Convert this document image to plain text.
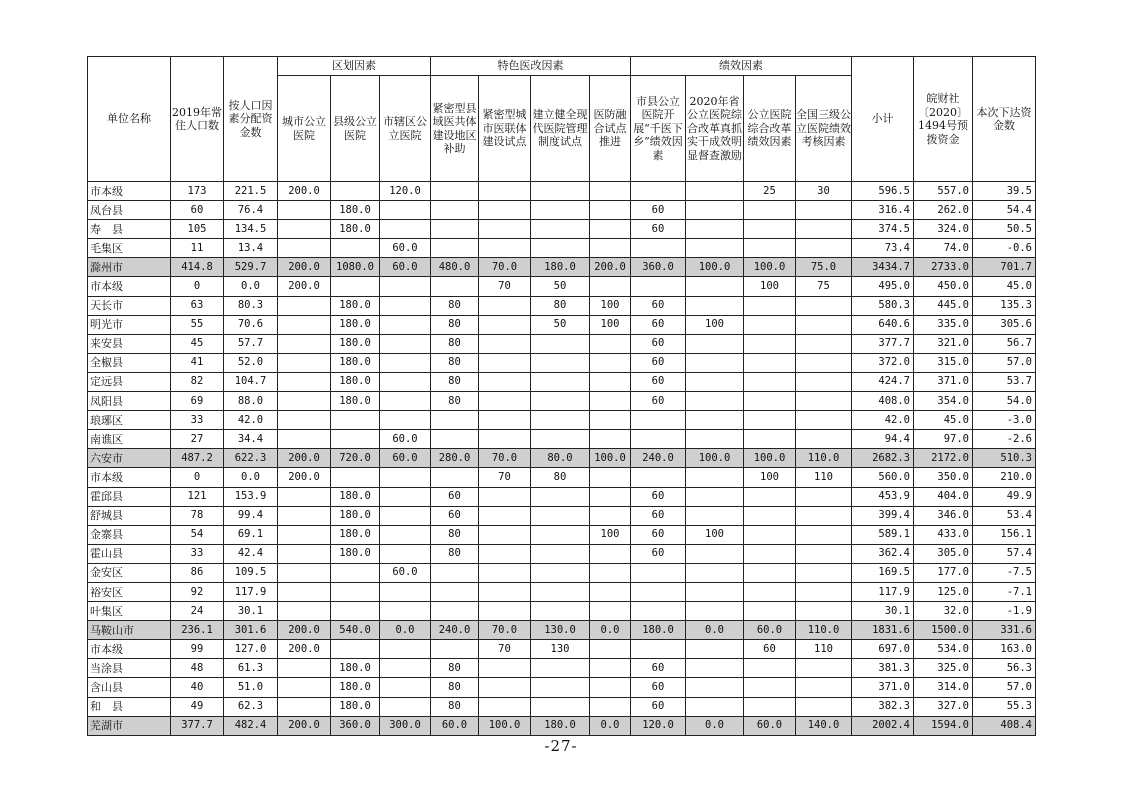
单位名称	2019年常住人口数	按人口因素分配资金数	区划因素			特色医改因素				绩效因素				小计	皖财社〔2020〕1494号预拨资金	本次下达资金数
			城市公立医院	县级公立医院	市辖区公立医院	紧密型县域医共体建设地区补助	紧密型城市医联体建设试点	建立健全现代医院管理制度试点	医防融合试点推进	市县公立医院开展“千医下乡”绩效因素	2020年省公立医院综合改革真抓实干成效明显督查激励	公立医院综合改革绩效因素	全国三级公立医院绩效考核因素			
市本级	173	221.5	200.0		120.0							25	30	596.5	557.0	39.5
凤台县	60	76.4		180.0						60				316.4	262.0	54.4
寿　县	105	134.5		180.0						60				374.5	324.0	50.5
毛集区	11	13.4			60.0									73.4	74.0	-0.6
滁州市	414.8	529.7	200.0	1080.0	60.0	480.0	70.0	180.0	200.0	360.0	100.0	100.0	75.0	3434.7	2733.0	701.7
市本级	0	0.0	200.0				70	50				100	75	495.0	450.0	45.0
天长市	63	80.3		180.0		80		80	100	60				580.3	445.0	135.3
明光市	55	70.6		180.0		80		50	100	60	100			640.6	335.0	305.6
来安县	45	57.7		180.0		80				60				377.7	321.0	56.7
全椒县	41	52.0		180.0		80				60				372.0	315.0	57.0
定远县	82	104.7		180.0		80				60				424.7	371.0	53.7
凤阳县	69	88.0		180.0		80				60				408.0	354.0	54.0
琅琊区	33	42.0												42.0	45.0	-3.0
南谯区	27	34.4			60.0									94.4	97.0	-2.6
六安市	487.2	622.3	200.0	720.0	60.0	280.0	70.0	80.0	100.0	240.0	100.0	100.0	110.0	2682.3	2172.0	510.3
市本级	0	0.0	200.0				70	80				100	110	560.0	350.0	210.0
霍邱县	121	153.9		180.0		60				60				453.9	404.0	49.9
舒城县	78	99.4		180.0		60				60				399.4	346.0	53.4
金寨县	54	69.1		180.0		80			100	60	100			589.1	433.0	156.1
霍山县	33	42.4		180.0		80				60				362.4	305.0	57.4
金安区	86	109.5			60.0									169.5	177.0	-7.5
裕安区	92	117.9												117.9	125.0	-7.1
叶集区	24	30.1												30.1	32.0	-1.9
马鞍山市	236.1	301.6	200.0	540.0	0.0	240.0	70.0	130.0	0.0	180.0	0.0	60.0	110.0	1831.6	1500.0	331.6
市本级	99	127.0	200.0				70	130				60	110	697.0	534.0	163.0
当涂县	48	61.3		180.0		80				60				381.3	325.0	56.3
含山县	40	51.0		180.0		80				60				371.0	314.0	57.0
和　县	49	62.3		180.0		80				60				382.3	327.0	55.3
芜湖市	377.7	482.4	200.0	360.0	300.0	60.0	100.0	180.0	0.0	120.0	0.0	60.0	140.0	2002.4	1594.0	408.4
-27-
